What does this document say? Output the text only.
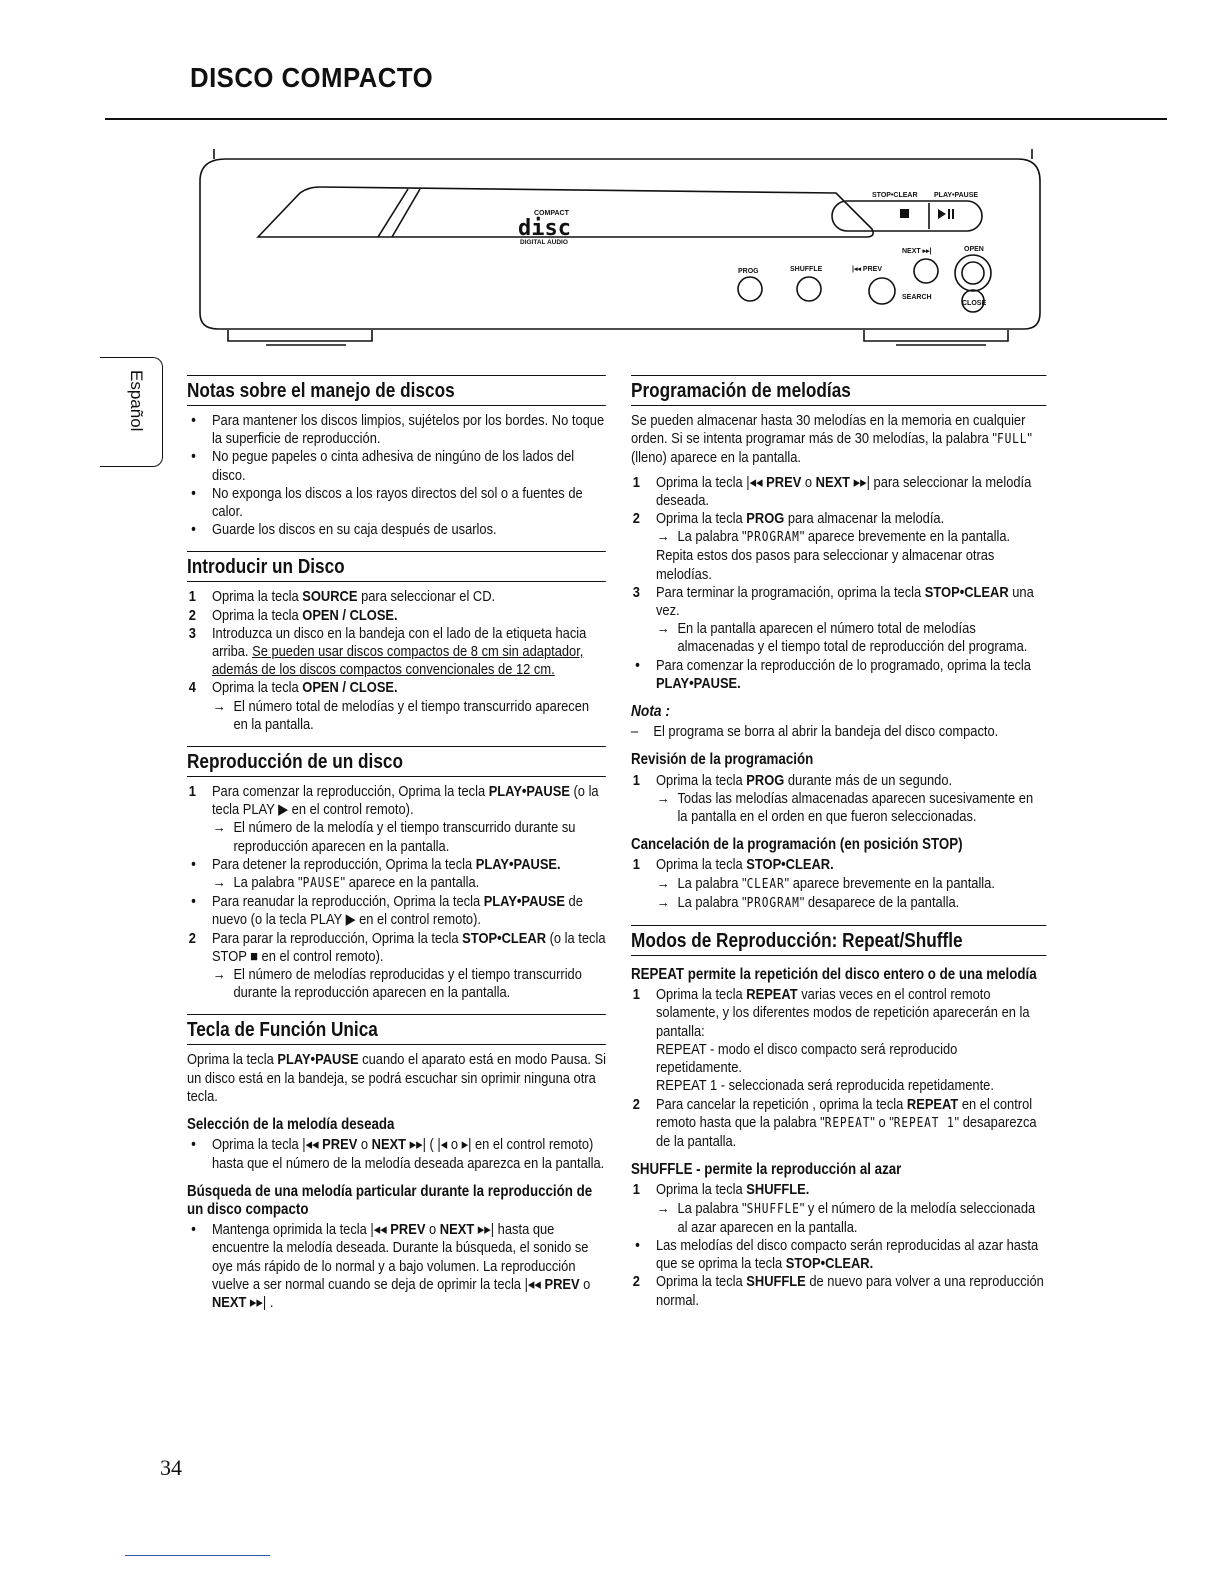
DISCO COMPACTO
COMPACT
disc
DIGITAL AUDIO
STOP•CLEAR PLAY•PAUSE
NEXT ▸▸|	OPEN
PROG	SHUFFLE	|◂◂ PREV
SEARCH
CLOSE
Español Notas sobre el manejo de discos

• Para mantener los discos limpios, sujételos por los bordes. No toque la superficie de reproducción.

• No pegue papeles o cinta adhesiva de ningúno de los lados del disco.

• No exponga los discos a los rayos directos del sol o a fuentes de calor.

• Guarde los discos en su caja después de usarlos.

Introducir un Disco

1 Oprima la tecla SOURCE para seleccionar el CD.

2 Oprima la tecla OPEN / CLOSE.

3 Introduzca un disco en la bandeja con el lado de la etiqueta hacia arriba. Se pueden usar discos compactos de 8 cm sin adaptador, además de los discos compactos convencionales de 12 cm.

4 Oprima la tecla OPEN / CLOSE.

→ El número total de melodías y el tiempo transcurrido aparecen en la pantalla.

Reproducción de un disco

1 Para comenzar la reproducción, Oprima la tecla PLAY•PAUSE (o la tecla PLAY ▶ en el control remoto).

→ El número de la melodía y el tiempo transcurrido durante su reproducción aparecen en la pantalla.

• Para detener la reproducción, Oprima la tecla PLAY•PAUSE.

→ La palabra "PAUSE" aparece en la pantalla.

• Para reanudar la reproducción, Oprima la tecla PLAY•PAUSE de nuevo (o la tecla PLAY ▶ en el control remoto).

2 Para parar la reproducción, Oprima la tecla STOP•CLEAR (o la tecla STOP ■ en el control remoto).

→ El número de melodías reproducidas y el tiempo transcurrido durante la reproducción aparecen en la pantalla.

Tecla de Función Unica

Oprima la tecla PLAY•PAUSE cuando el aparato está en modo Pausa. Si un disco está en la bandeja, se podrá escuchar sin oprimir ninguna otra tecla.

Selección de la melodía deseada

• Oprima la tecla |◂◂ PREV o NEXT ▸▸| ( |◂ o ▸| en el control remoto) hasta que el número de la melodía deseada aparezca en la pantalla.

Búsqueda de una melodía particular durante la reproducción de un disco compacto

• Mantenga oprimida la tecla |◂◂ PREV o NEXT ▸▸| hasta que encuentre la melodía deseada. Durante la búsqueda, el sonido se oye más rápido de lo normal y a bajo volumen. La reproducción vuelve a ser normal cuando se deja de oprimir la tecla |◂◂ PREV o NEXT ▸▸| .

Programación de melodías

Se pueden almacenar hasta 30 melodías en la memoria en cualquier orden. Si se intenta programar más de 30 melodías, la palabra "FULL" (lleno) aparece en la pantalla.

1 Oprima la tecla |◂◂ PREV o NEXT ▸▸| para seleccionar la melodía deseada.

2 Oprima la tecla PROG para almacenar la melodía.

→ La palabra "PROGRAM" aparece brevemente en la pantalla.

Repita estos dos pasos para seleccionar y almacenar otras melodías.

3 Para terminar la programación, oprima la tecla STOP•CLEAR una vez.

→ En la pantalla aparecen el número total de melodías almacenadas y el tiempo total de reproducción del programa.

• Para comenzar la reproducción de lo programado, oprima la tecla PLAY•PAUSE.

Nota :

– El programa se borra al abrir la bandeja del disco compacto.

Revisión de la programación

1 Oprima la tecla PROG durante más de un segundo.

→ Todas las melodías almacenadas aparecen sucesivamente en la pantalla en el orden en que fueron seleccionadas.

Cancelación de la programación (en posición STOP)

1 Oprima la tecla STOP•CLEAR.

→ La palabra "CLEAR" aparece brevemente en la pantalla.

→ La palabra "PROGRAM" desaparece de la pantalla.

Modos de Reproducción: Repeat/Shuffle
REPEAT permite la repetición del disco entero o de una melodía

1 Oprima la tecla REPEAT varias veces en el control remoto solamente, y los diferentes modos de repetición aparecerán en la pantalla:

REPEAT - modo el disco compacto será reproducido repetidamente.

REPEAT 1 - seleccionada será reproducida repetidamente.

2 Para cancelar la repetición , oprima la tecla REPEAT en el control remoto hasta que la palabra "REPEAT" o "REPEAT 1" desaparezca de la pantalla.

SHUFFLE - permite la reproducción al azar

1 Oprima la tecla SHUFFLE.

→ La palabra "SHUFFLE" y el número de la melodía seleccionada al azar aparecen en la pantalla.

• Las melodías del disco compacto serán reproducidas al azar hasta que se oprima la tecla STOP•CLEAR.

2 Oprima la tecla SHUFFLE de nuevo para volver a una reproducción normal.

34
